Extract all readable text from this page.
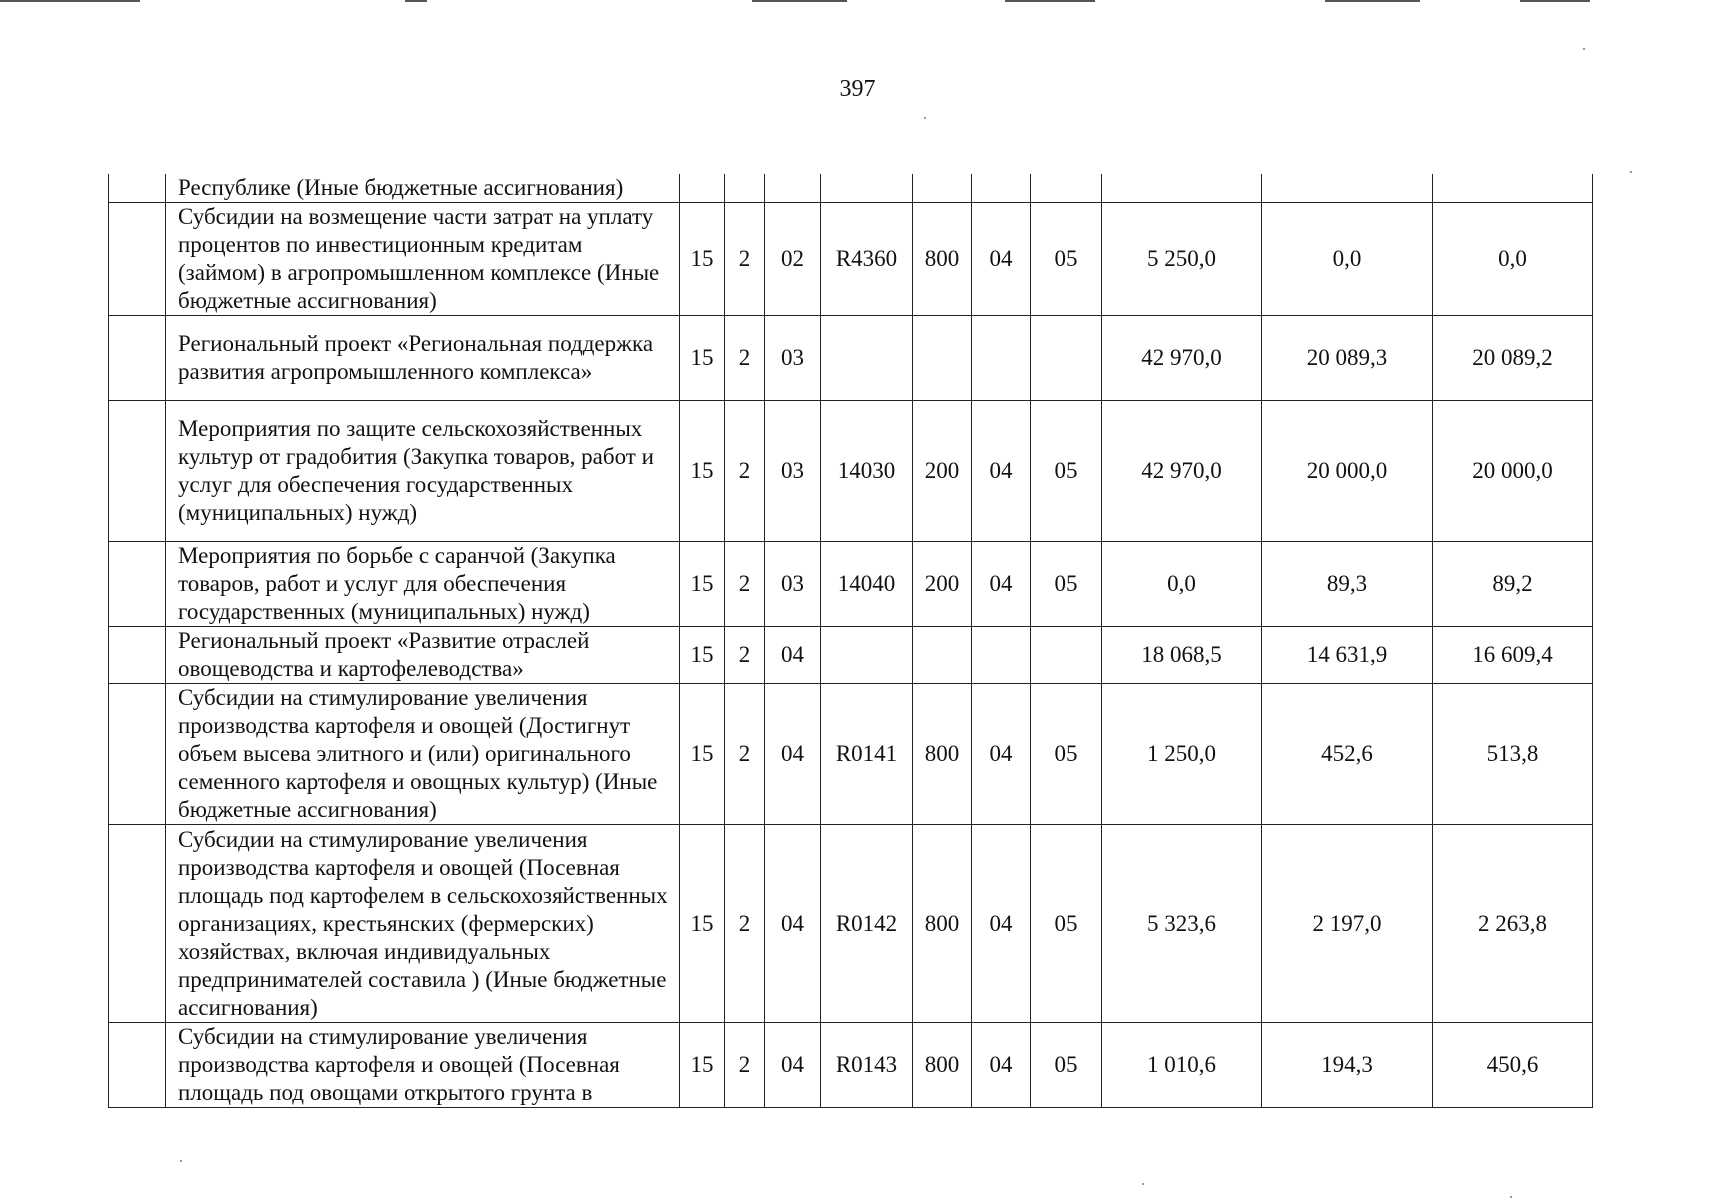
397
	Республике (Иные бюджетные ассигнования)										
	Субсидии на возмещение части затрат на уплату процентов по инвестиционным кредитам (займом) в агропромышленном комплексе (Иные бюджетные ассигнования)	15	2	02	R4360	800	04	05	5 250,0	0,0	0,0
	Региональный проект «Региональная поддержка развития агропромышленного комплекса»	15	2	03					42 970,0	20 089,3	20 089,2
	Мероприятия по защите сельскохозяйственных культур от градобития (Закупка товаров, работ и услуг для обеспечения государственных (муниципальных) нужд)	15	2	03	14030	200	04	05	42 970,0	20 000,0	20 000,0
	Мероприятия по борьбе с саранчой (Закупка товаров, работ и услуг для обеспечения государственных (муниципальных) нужд)	15	2	03	14040	200	04	05	0,0	89,3	89,2
	Региональный проект «Развитие отраслей овощеводства и картофелеводства»	15	2	04					18 068,5	14 631,9	16 609,4
	Субсидии на стимулирование увеличения производства картофеля и овощей (Достигнут объем высева элитного и (или) оригинального семенного картофеля и овощных культур) (Иные бюджетные ассигнования)	15	2	04	R0141	800	04	05	1 250,0	452,6	513,8
	Субсидии на стимулирование увеличения производства картофеля и овощей (Посевная площадь под картофелем в сельскохозяйственных организациях, крестьянских (фермерских) хозяйствах, включая индивидуальных предпринимателей составила ) (Иные бюджетные ассигнования)	15	2	04	R0142	800	04	05	5 323,6	2 197,0	2 263,8
	Субсидии на стимулирование увеличения производства картофеля и овощей (Посевная площадь под овощами открытого грунта в	15	2	04	R0143	800	04	05	1 010,6	194,3	450,6
